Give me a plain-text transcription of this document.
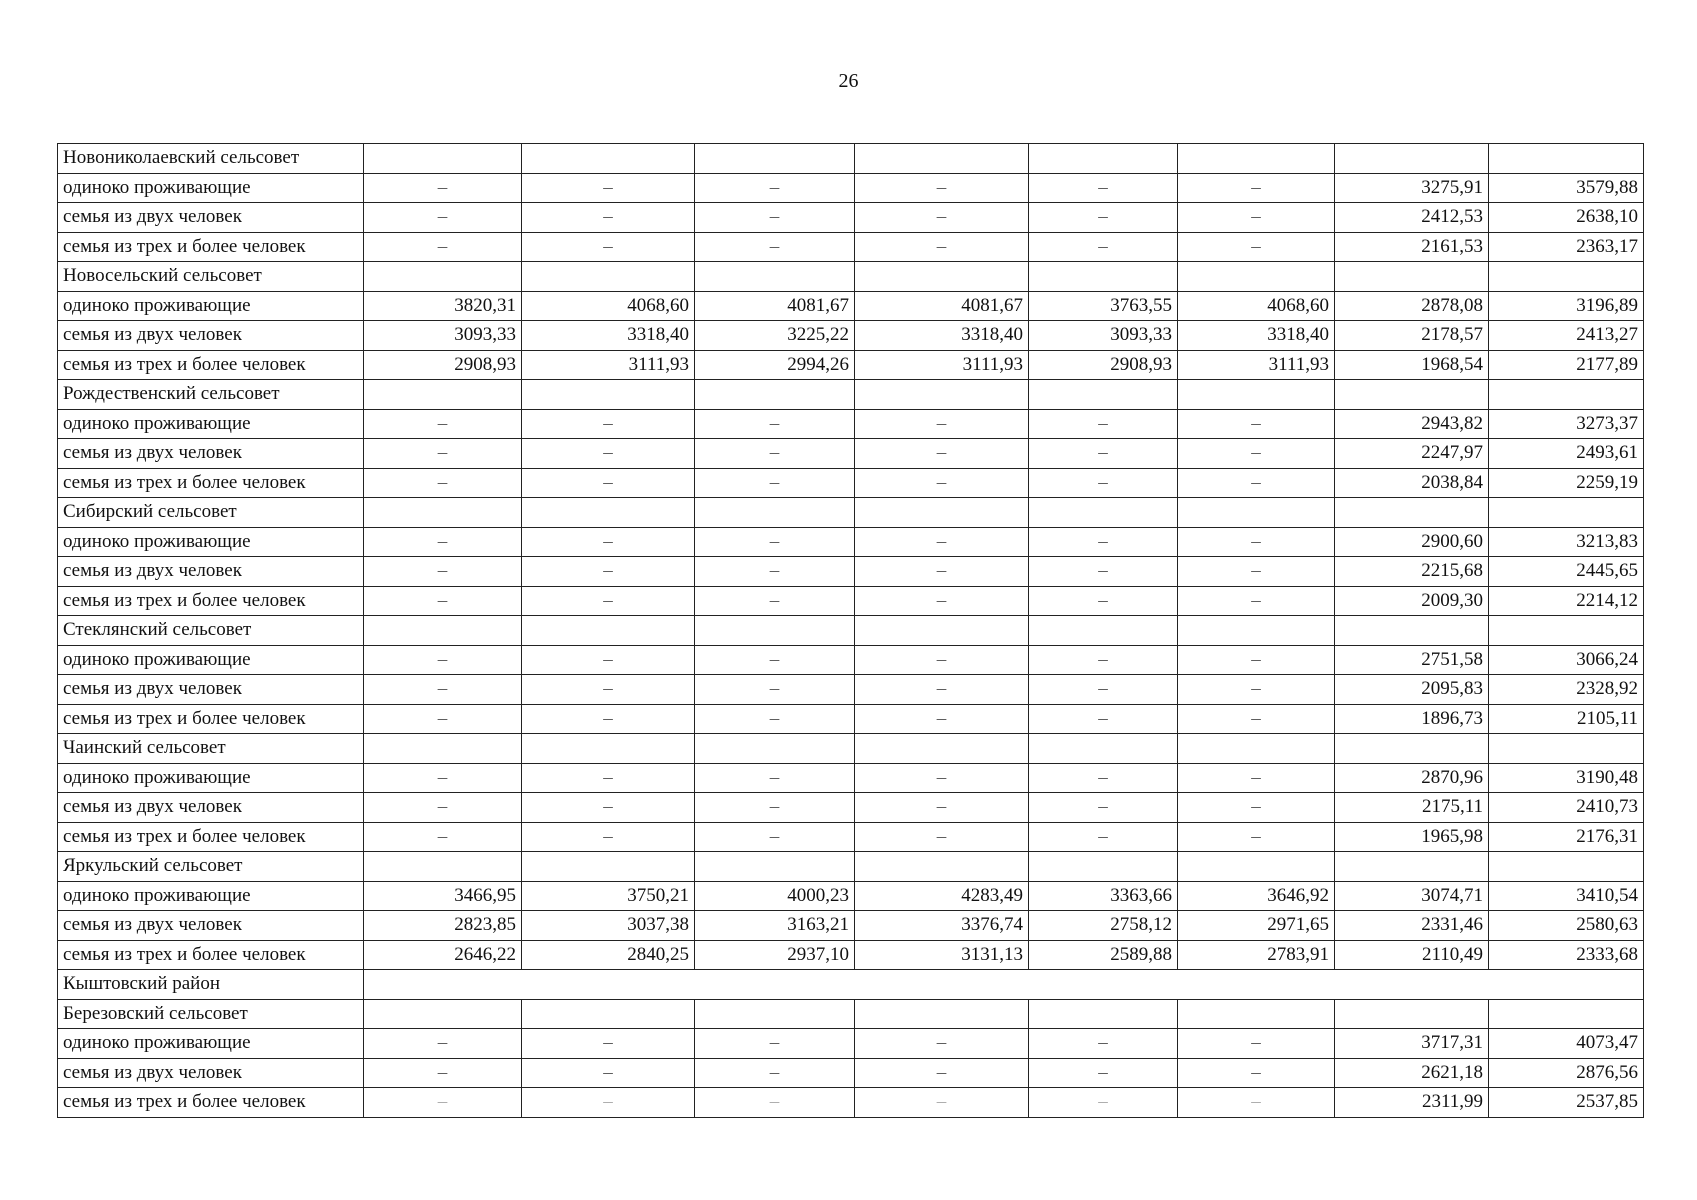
26
Новониколаевский сельсовет								
одиноко проживающие	–	–	–	–	–	–	3275,91	3579,88
семья из двух человек	–	–	–	–	–	–	2412,53	2638,10
семья из трех и более человек	–	–	–	–	–	–	2161,53	2363,17
Новосельский сельсовет								
одиноко проживающие	3820,31	4068,60	4081,67	4081,67	3763,55	4068,60	2878,08	3196,89
семья из двух человек	3093,33	3318,40	3225,22	3318,40	3093,33	3318,40	2178,57	2413,27
семья из трех и более человек	2908,93	3111,93	2994,26	3111,93	2908,93	3111,93	1968,54	2177,89
Рождественский сельсовет								
одиноко проживающие	–	–	–	–	–	–	2943,82	3273,37
семья из двух человек	–	–	–	–	–	–	2247,97	2493,61
семья из трех и более человек	–	–	–	–	–	–	2038,84	2259,19
Сибирский сельсовет								
одиноко проживающие	–	–	–	–	–	–	2900,60	3213,83
семья из двух человек	–	–	–	–	–	–	2215,68	2445,65
семья из трех и более человек	–	–	–	–	–	–	2009,30	2214,12
Стеклянский сельсовет								
одиноко проживающие	–	–	–	–	–	–	2751,58	3066,24
семья из двух человек	–	–	–	–	–	–	2095,83	2328,92
семья из трех и более человек	–	–	–	–	–	–	1896,73	2105,11
Чаинский сельсовет								
одиноко проживающие	–	–	–	–	–	–	2870,96	3190,48
семья из двух человек	–	–	–	–	–	–	2175,11	2410,73
семья из трех и более человек	–	–	–	–	–	–	1965,98	2176,31
Яркульский сельсовет								
одиноко проживающие	3466,95	3750,21	4000,23	4283,49	3363,66	3646,92	3074,71	3410,54
семья из двух человек	2823,85	3037,38	3163,21	3376,74	2758,12	2971,65	2331,46	2580,63
семья из трех и более человек	2646,22	2840,25	2937,10	3131,13	2589,88	2783,91	2110,49	2333,68
Кыштовский район								
Березовский сельсовет								
одиноко проживающие	–	–	–	–	–	–	3717,31	4073,47
семья из двух человек	–	–	–	–	–	–	2621,18	2876,56
семья из трех и более человек	–	–	–	–	–	–	2311,99	2537,85
